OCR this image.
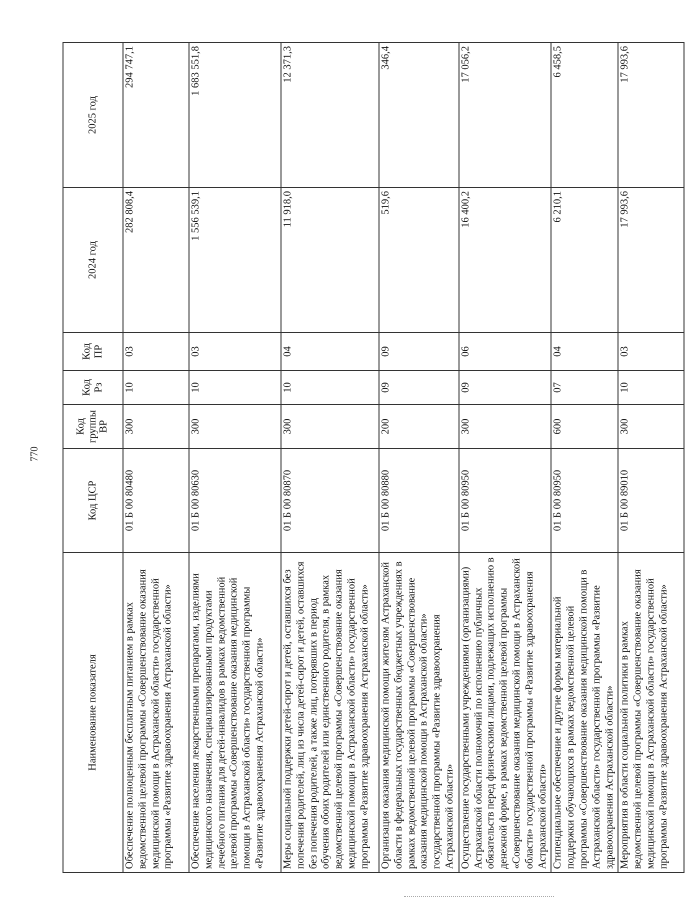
770
Наименование показателя	Код ЦСР	Код группы ВР	Код Рз	Код ПР	2024 год	2025 год
Обеспечение полноценным бесплатным питанием в рамках ведомственной целевой программы «Совершенствование оказания медицинской помощи в Астраханской области» государственной программы «Развитие здравоохранения Астраханской области»	01 Б 00 80480	300	10	03	282 808,4	294 747,1
Обеспечение населения лекарственными препаратами, изделиями медицинского назначения, специализированными продуктами лечебного питания для детей-инвалидов в рамках ведомственной целевой программы «Совершенствование оказания медицинской помощи в Астраханской области» государственной программы «Развитие здравоохранения Астраханской области»	01 Б 00 80630	300	10	03	1 556 539,1	1 683 551,8
Меры социальной поддержки детей-сирот и детей, оставшихся без попечения родителей, лиц из числа детей-сирот и детей, оставшихся без попечения родителей, а также лиц, потерявших в период обучения обоих родителей или единственного родителя, в рамках ведомственной целевой программы «Совершенствование оказания медицинской помощи в Астраханской области» государственной программы «Развитие здравоохранения Астраханской области»	01 Б 00 80870	300	10	04	11 918,0	12 371,3
Организация оказания медицинской помощи жителям Астраханской области в федеральных государственных бюджетных учреждениях в рамках ведомственной целевой программы «Совершенствование оказания медицинской помощи в Астраханской области» государственной программы «Развитие здравоохранения Астраханской области»	01 Б 00 80880	200	09	09	519,6	346,4
Осуществление государственными учреждениями (организациями) Астраханской области полномочий по исполнению публичных обязательств перед физическими лицами, подлежащих исполнению в денежной форме, в рамках ведомственной целевой программы «Совершенствование оказания медицинской помощи в Астраханской области» государственной программы «Развитие здравоохранения Астраханской области»	01 Б 00 80950	300	09	06	16 400,2	17 056,2
Стипендиальное обеспечение и другие формы материальной поддержки обучающихся в рамках ведомственной целевой программы «Совершенствование оказания медицинской помощи в Астраханской области» государственной программы «Развитие здравоохранения Астраханской области»	01 Б 00 80950	600	07	04	6 210,1	6 458,5
Мероприятия в области социальной политики в рамках ведомственной целевой программы «Совершенствование оказания медицинской помощи в Астраханской области» государственной программы «Развитие здравоохранения Астраханской области»	01 Б 00 89010	300	10	03	17 993,6	17 993,6
